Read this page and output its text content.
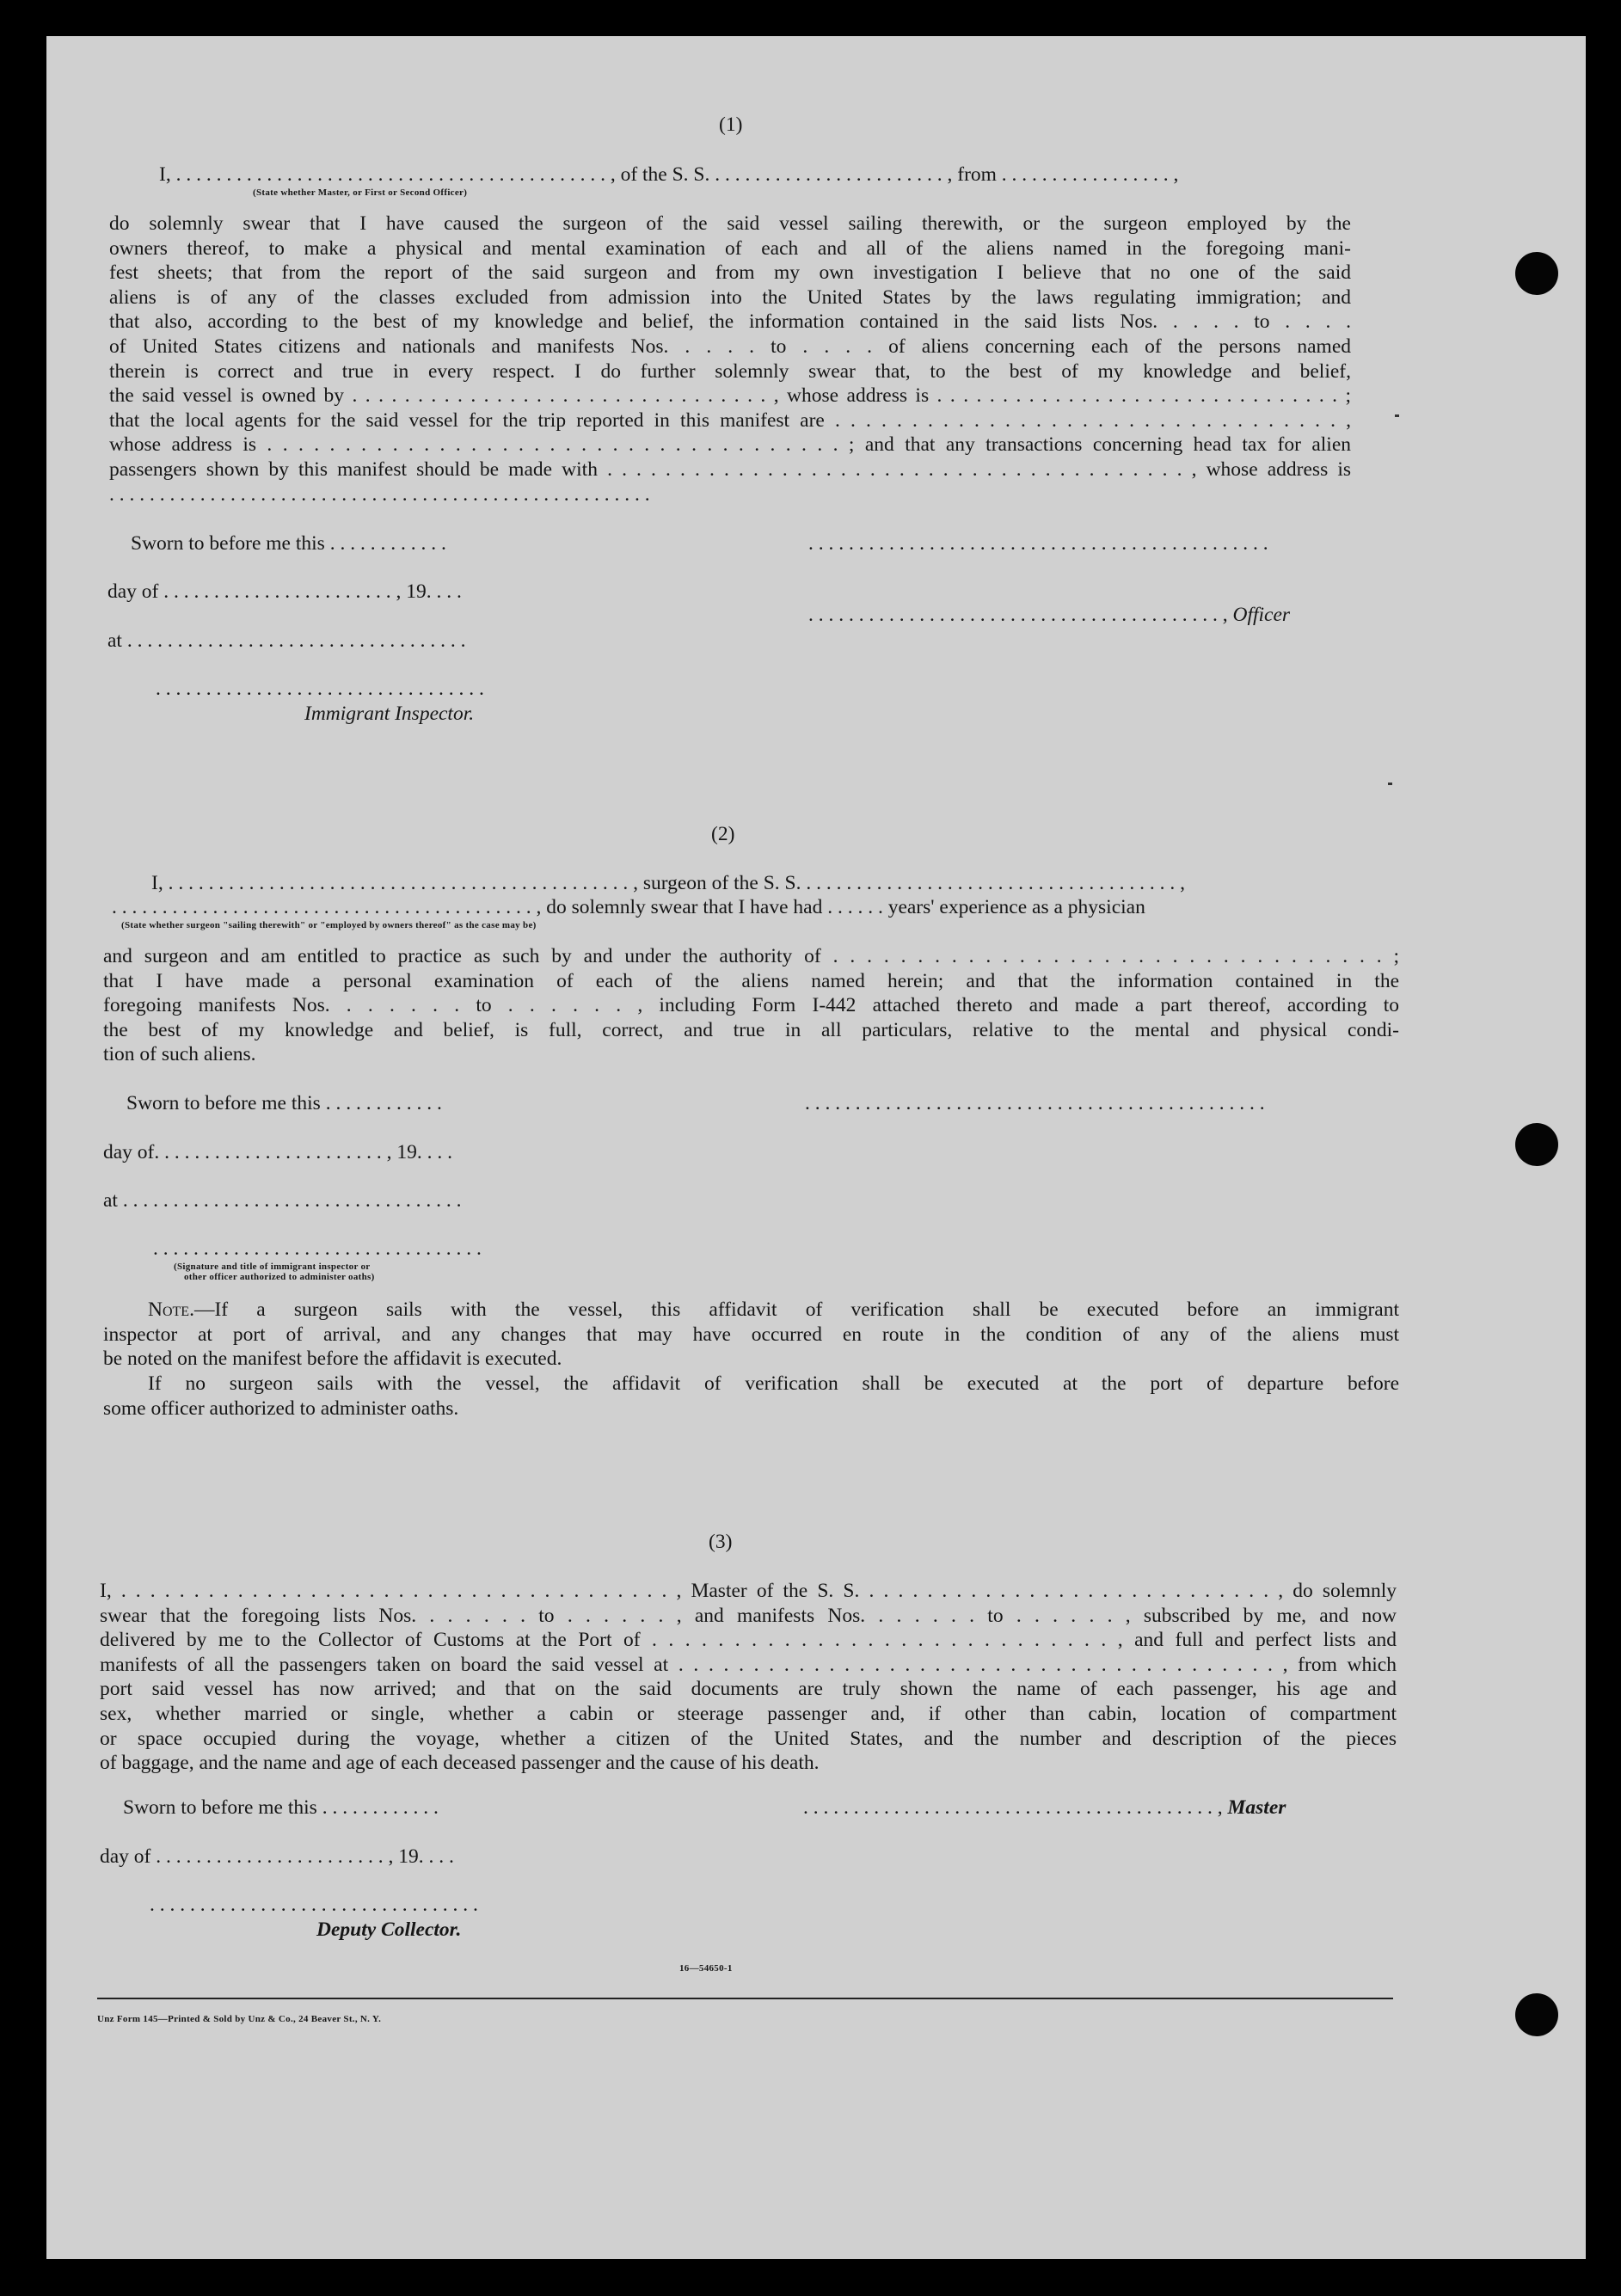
(1)
I, . . . . . . . . . . . . . . . . . . . . . . . . . . . . . . . . . . . . . . . . . . . , of the S. S. . . . . . . . . . . . . . . . . . . . . . . . , from . . . . . . . . . . . . . . . . . ,
(State whether Master, or First or Second Officer)
do solemnly swear that I have caused the surgeon of the said vessel sailing therewith, or the surgeon employed by the
owners thereof, to make a physical and mental examination of each and all of the aliens named in the foregoing mani-
fest sheets; that from the report of the said surgeon and from my own investigation I believe that no one of the said
aliens is of any of the classes excluded from admission into the United States by the laws regulating immigration; and
that also, according to the best of my knowledge and belief, the information contained in the said lists Nos. . . . . to . . . .
of United States citizens and nationals and manifests Nos. . . . . to . . . . of aliens concerning each of the persons named
therein is correct and true in every respect. I do further solemnly swear that, to the best of my knowledge and belief,
the said vessel is owned by . . . . . . . . . . . . . . . . . . . . . . . . . . . . . . . . , whose address is . . . . . . . . . . . . . . . . . . . . . . . . . . . . . . . ;
that the local agents for the said vessel for the trip reported in this manifest are . . . . . . . . . . . . . . . . . . . . . . . . . . . . . . . . . ,
whose address is . . . . . . . . . . . . . . . . . . . . . . . . . . . . . . . . . . . . . ; and that any transactions concerning head tax for alien
passengers shown by this manifest should be made with . . . . . . . . . . . . . . . . . . . . . . . . . . . . . . . . . . . . . . . . , whose address is
. . . . . . . . . . . . . . . . . . . . . . . . . . . . . . . . . . . . . . . . . . . . . . . . . . . . . .
Sworn to before me this . . . . . . . . . . . .	. . . . . . . . . . . . . . . . . . . . . . . . . . . . . . . . . . . . . . . . . . . . . .
day of . . . . . . . . . . . . . . . . . . . . . . . , 19. . . .
. . . . . . . . . . . . . . . . . . . . . . . . . . . . . . . . . . . . . . . . . , Officer
at . . . . . . . . . . . . . . . . . . . . . . . . . . . . . . . . . .
. . . . . . . . . . . . . . . . . . . . . . . . . . . . . . . . .
Immigrant Inspector.
(2)
I, . . . . . . . . . . . . . . . . . . . . . . . . . . . . . . . . . . . . . . . . . . . . . . , surgeon of the S. S. . . . . . . . . . . . . . . . . . . . . . . . . . . . . . . . . . . . . . ,
. . . . . . . . . . . . . . . . . . . . . . . . . . . . . . . . . . . . . . . . . . , do solemnly swear that I have had . . . . . . years' experience as a physician
(State whether surgeon "sailing therewith" or "employed by owners thereof" as the case may be)
and surgeon and am entitled to practice as such by and under the authority of . . . . . . . . . . . . . . . . . . . . . . . . . . . . . . . . . ;
that I have made a personal examination of each of the aliens named herein; and that the information contained in the
foregoing manifests Nos. . . . . . . to . . . . . . , including Form I-442 attached thereto and made a part thereof, according to
the best of my knowledge and belief, is full, correct, and true in all particulars, relative to the mental and physical condi-
tion of such aliens.
Sworn to before me this . . . . . . . . . . . .	. . . . . . . . . . . . . . . . . . . . . . . . . . . . . . . . . . . . . . . . . . . . . .
day of. . . . . . . . . . . . . . . . . . . . . . . , 19. . . .
at . . . . . . . . . . . . . . . . . . . . . . . . . . . . . . . . . .
. . . . . . . . . . . . . . . . . . . . . . . . . . . . . . . . .
(Signature and title of immigrant inspector or
other officer authorized to administer oaths)
Note.—If a surgeon sails with the vessel, this affidavit of verification shall be executed before an immigrant
inspector at port of arrival, and any changes that may have occurred en route in the condition of any of the aliens must
be noted on the manifest before the affidavit is executed.
If no surgeon sails with the vessel, the affidavit of verification shall be executed at the port of departure before
some officer authorized to administer oaths.
(3)
I, . . . . . . . . . . . . . . . . . . . . . . . . . . . . . . . . . . . . . . , Master of the S. S. . . . . . . . . . . . . . . . . . . . . . . . . . . . . , do solemnly
swear that the foregoing lists Nos. . . . . . . to . . . . . . , and manifests Nos. . . . . . . to . . . . . . , subscribed by me, and now
delivered by me to the Collector of Customs at the Port of . . . . . . . . . . . . . . . . . . . . . . . . . . . . , and full and perfect lists and
manifests of all the passengers taken on board the said vessel at . . . . . . . . . . . . . . . . . . . . . . . . . . . . . . . . . . . . . . . . , from which
port said vessel has now arrived; and that on the said documents are truly shown the name of each passenger, his age and
sex, whether married or single, whether a cabin or steerage passenger and, if other than cabin, location of compartment
or space occupied during the voyage, whether a citizen of the United States, and the number and description of the pieces
of baggage, and the name and age of each deceased passenger and the cause of his death.
Sworn to before me this . . . . . . . . . . . .	. . . . . . . . . . . . . . . . . . . . . . . . . . . . . . . . . . . . . . . . . , Master
day of . . . . . . . . . . . . . . . . . . . . . . . , 19. . . .
. . . . . . . . . . . . . . . . . . . . . . . . . . . . . . . . .
Deputy Collector.
16—54650-1
Unz Form 145—Printed & Sold by Unz & Co., 24 Beaver St., N. Y.
